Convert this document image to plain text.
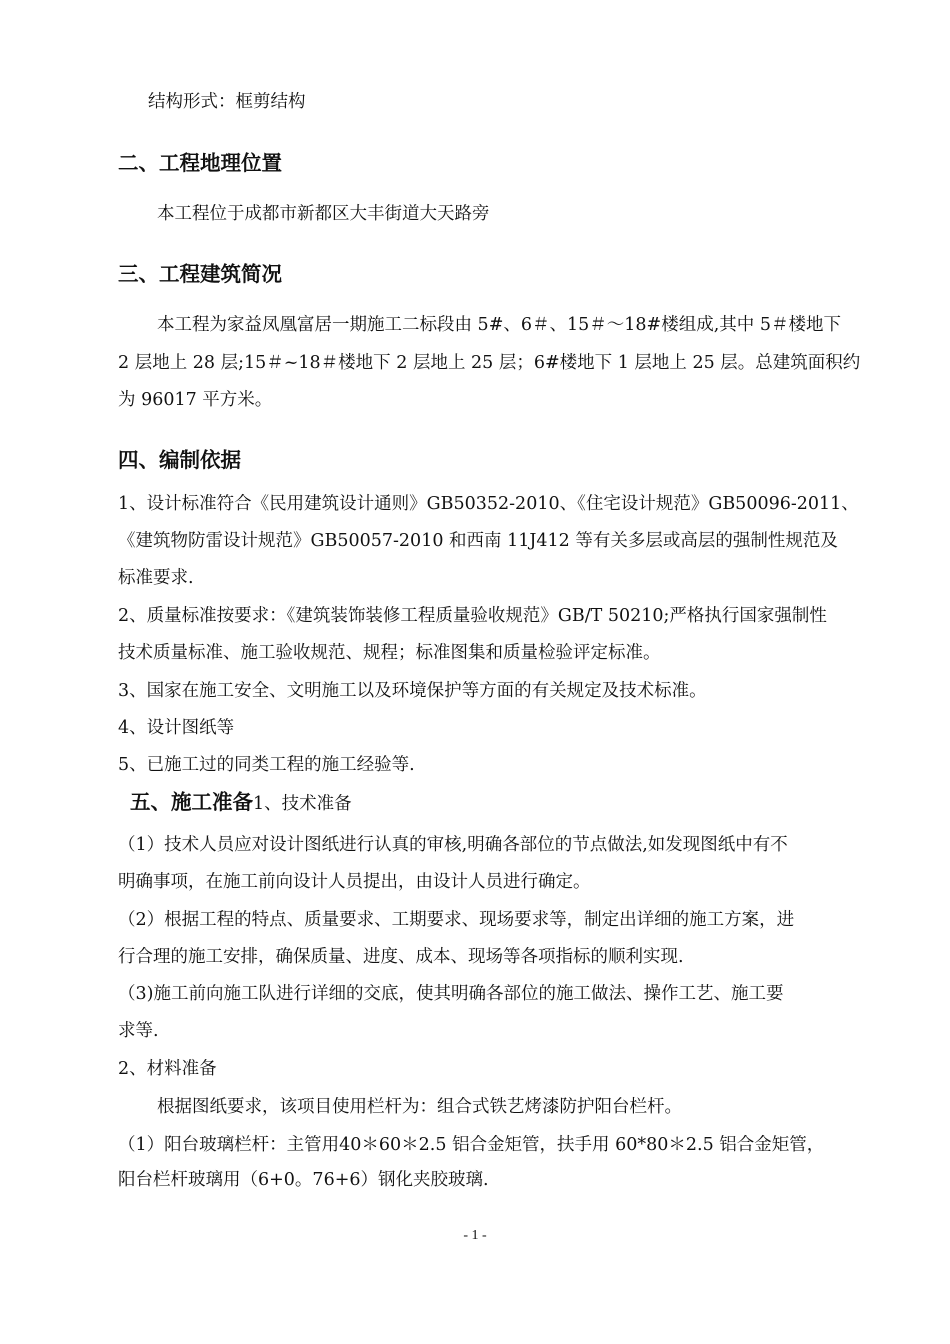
结构形式：框剪结构
二、工程地理位置
本工程位于成都市新都区大丰街道大天路旁
三、工程建筑简况
本工程为家益凤凰富居一期施工二标段由 5#、6＃、15＃～18#楼组成,其中 5＃楼地下
2 层地上 28 层;15＃~18＃楼地下 2 层地上 25 层；6#楼地下 1 层地上 25 层。总建筑面积约
为 96017 平方米。
四、编制依据
1、设计标准符合《民用建筑设计通则》GB50352-2010、《住宅设计规范》GB50096-2011、
《建筑物防雷设计规范》GB50057-2010 和西南 11J412 等有关多层或高层的强制性规范及
标准要求.
2、质量标准按要求：《建筑装饰装修工程质量验收规范》GB/T 50210;严格执行国家强制性
技术质量标准、施工验收规范、规程；标准图集和质量检验评定标准。
3、国家在施工安全、文明施工以及环境保护等方面的有关规定及技术标准。
4、设计图纸等
5、已施工过的同类工程的施工经验等.
五、施工准备1、技术准备
（1）技术人员应对设计图纸进行认真的审核,明确各部位的节点做法,如发现图纸中有不
明确事项，在施工前向设计人员提出，由设计人员进行确定。
（2）根据工程的特点、质量要求、工期要求、现场要求等，制定出详细的施工方案，进
行合理的施工安排，确保质量、进度、成本、现场等各项指标的顺利实现.
（3)施工前向施工队进行详细的交底，使其明确各部位的施工做法、操作工艺、施工要
求等.
2、材料准备
根据图纸要求，该项目使用栏杆为：组合式铁艺烤漆防护阳台栏杆。
（1）阳台玻璃栏杆：主管用40＊60＊2.5 铝合金矩管，扶手用 60*80＊2.5 铝合金矩管，
阳台栏杆玻璃用（6+0。76+6）钢化夹胶玻璃.
- 1 -
